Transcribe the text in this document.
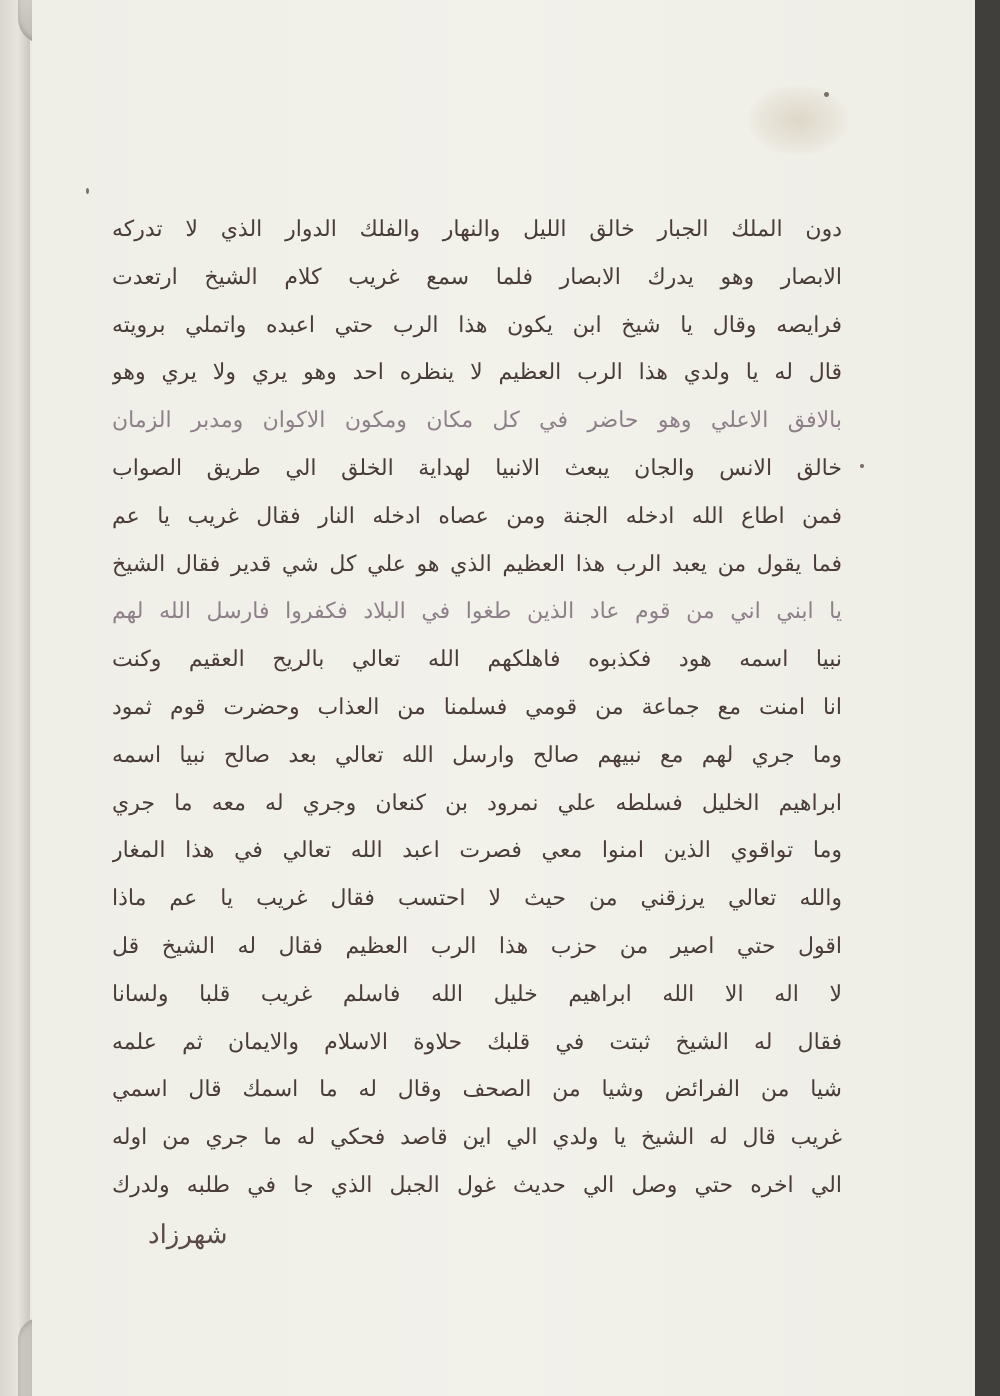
دون الملك الجبار خالق الليل والنهار والفلك الدوار الذي لا تدركه
الابصار وهو يدرك الابصار فلما سمع غريب كلام الشيخ ارتعدت
فرايصه وقال يا شيخ ابن يكون هذا الرب حتي اعبده واتملي برويته
قال له يا ولدي هذا الرب العظيم لا ينظره احد وهو يري ولا يري وهو
بالافق الاعلي وهو حاضر في كل مكان ومكون الاكوان ومدبر الزمان
خالق الانس والجان يبعث الانبيا لهداية الخلق الي طريق الصواب
فمن اطاع الله ادخله الجنة ومن عصاه ادخله النار فقال غريب يا عم
فما يقول من يعبد الرب هذا العظيم الذي هو علي كل شي قدير فقال الشيخ
يا ابني اني من قوم عاد الذين طغوا في البلاد فكفروا فارسل الله لهم
نبيا اسمه هود فكذبوه فاهلكهم الله تعالي بالريح العقيم وكنت
انا امنت مع جماعة من قومي فسلمنا من العذاب وحضرت قوم ثمود
وما جري لهم مع نبيهم صالح وارسل الله تعالي بعد صالح نبيا اسمه
ابراهيم الخليل فسلطه علي نمرود بن كنعان وجري له معه ما جري
وما تواقوي الذين امنوا معي فصرت اعبد الله تعالي في هذا المغار
والله تعالي يرزقني من حيث لا احتسب فقال غريب يا عم ماذا
اقول حتي اصير من حزب هذا الرب العظيم فقال له الشيخ قل
لا اله الا الله ابراهيم خليل الله فاسلم غريب قلبا ولسانا
فقال له الشيخ ثبتت في قلبك حلاوة الاسلام والايمان ثم علمه
شيا من الفرائض وشيا من الصحف وقال له ما اسمك قال اسمي
غريب قال له الشيخ يا ولدي الي اين قاصد فحكي له ما جري من اوله
الي اخره حتي وصل الي حديث غول الجبل الذي جا في طلبه ولدرك
شهرزاد
